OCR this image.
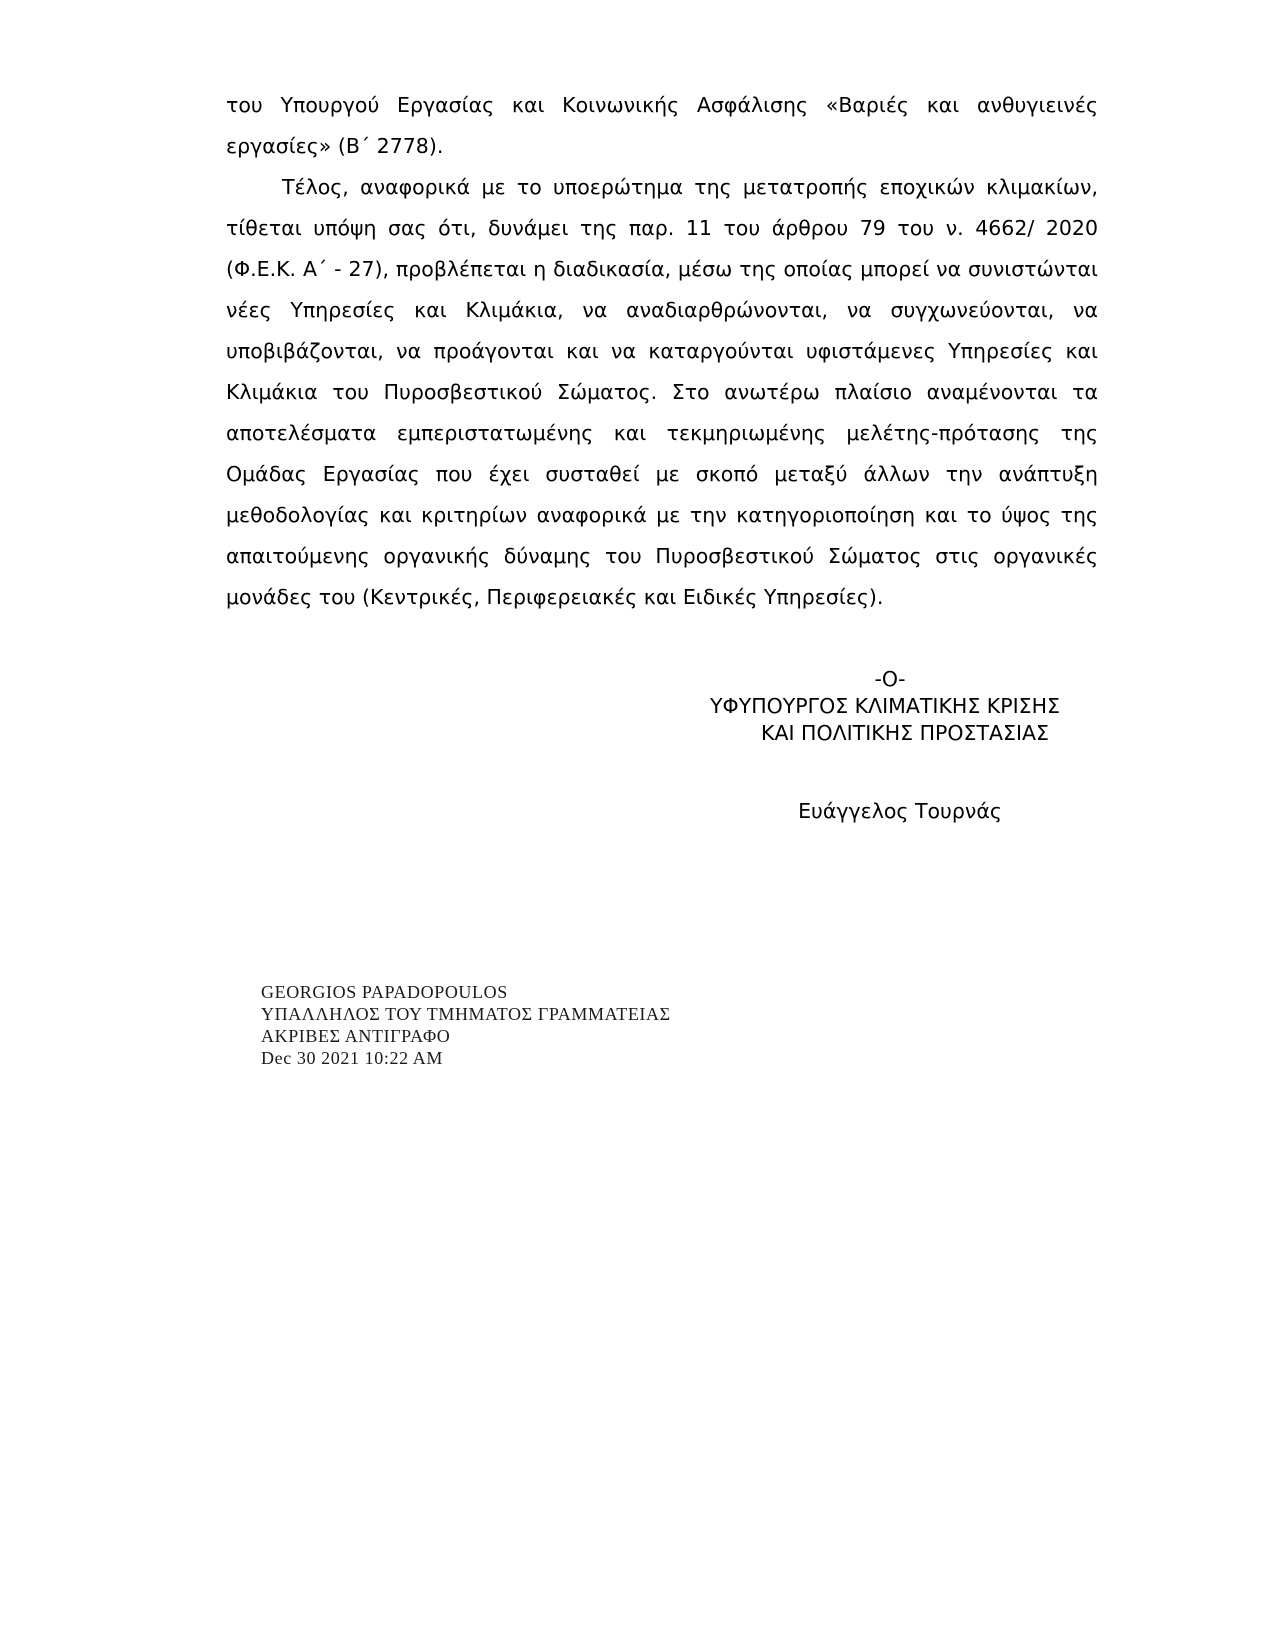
του Υπουργού Εργασίας και Κοινωνικής Ασφάλισης «Βαριές και ανθυγιεινές εργασίες» (Β΄ 2778).

Τέλος, αναφορικά με το υποερώτημα της μετατροπής εποχικών κλιμακίων, τίθεται υπόψη σας ότι, δυνάμει της παρ. 11 του άρθρου 79 του ν. 4662/ 2020 (Φ.Ε.Κ. Α΄ - 27), προβλέπεται η διαδικασία, μέσω της οποίας μπορεί να συνιστώνται νέες Υπηρεσίες και Κλιμάκια, να αναδιαρθρώνονται, να συγχωνεύονται, να υποβιβάζονται, να προάγονται και να καταργούνται υφιστάμενες Υπηρεσίες και Κλιμάκια του Πυροσβεστικού Σώματος. Στο ανωτέρω πλαίσιο αναμένονται τα αποτελέσματα εμπεριστατωμένης και τεκμηριωμένης μελέτης-πρότασης της Ομάδας Εργασίας που έχει συσταθεί με σκοπό μεταξύ άλλων την ανάπτυξη μεθοδολογίας και κριτηρίων αναφορικά με την κατηγοριοποίηση και το ύψος της απαιτούμενης οργανικής δύναμης του Πυροσβεστικού Σώματος στις οργανικές μονάδες του (Κεντρικές, Περιφερειακές και Ειδικές Υπηρεσίες).

-Ο-
ΥΦΥΠΟΥΡΓΟΣ ΚΛΙΜΑΤΙΚΗΣ ΚΡΙΣΗΣ
ΚΑΙ ΠΟΛΙΤΙΚΗΣ ΠΡΟΣΤΑΣΙΑΣ
Ευάγγελος Τουρνάς
GEORGIOS PAPADOPOULOS
ΥΠΑΛΛΗΛΟΣ ΤΟΥ ΤΜΗΜΑΤΟΣ ΓΡΑΜΜΑΤΕΙΑΣ
ΑΚΡΙΒΕΣ ΑΝΤΙΓΡΑΦΟ
Dec 30 2021 10:22 AM
